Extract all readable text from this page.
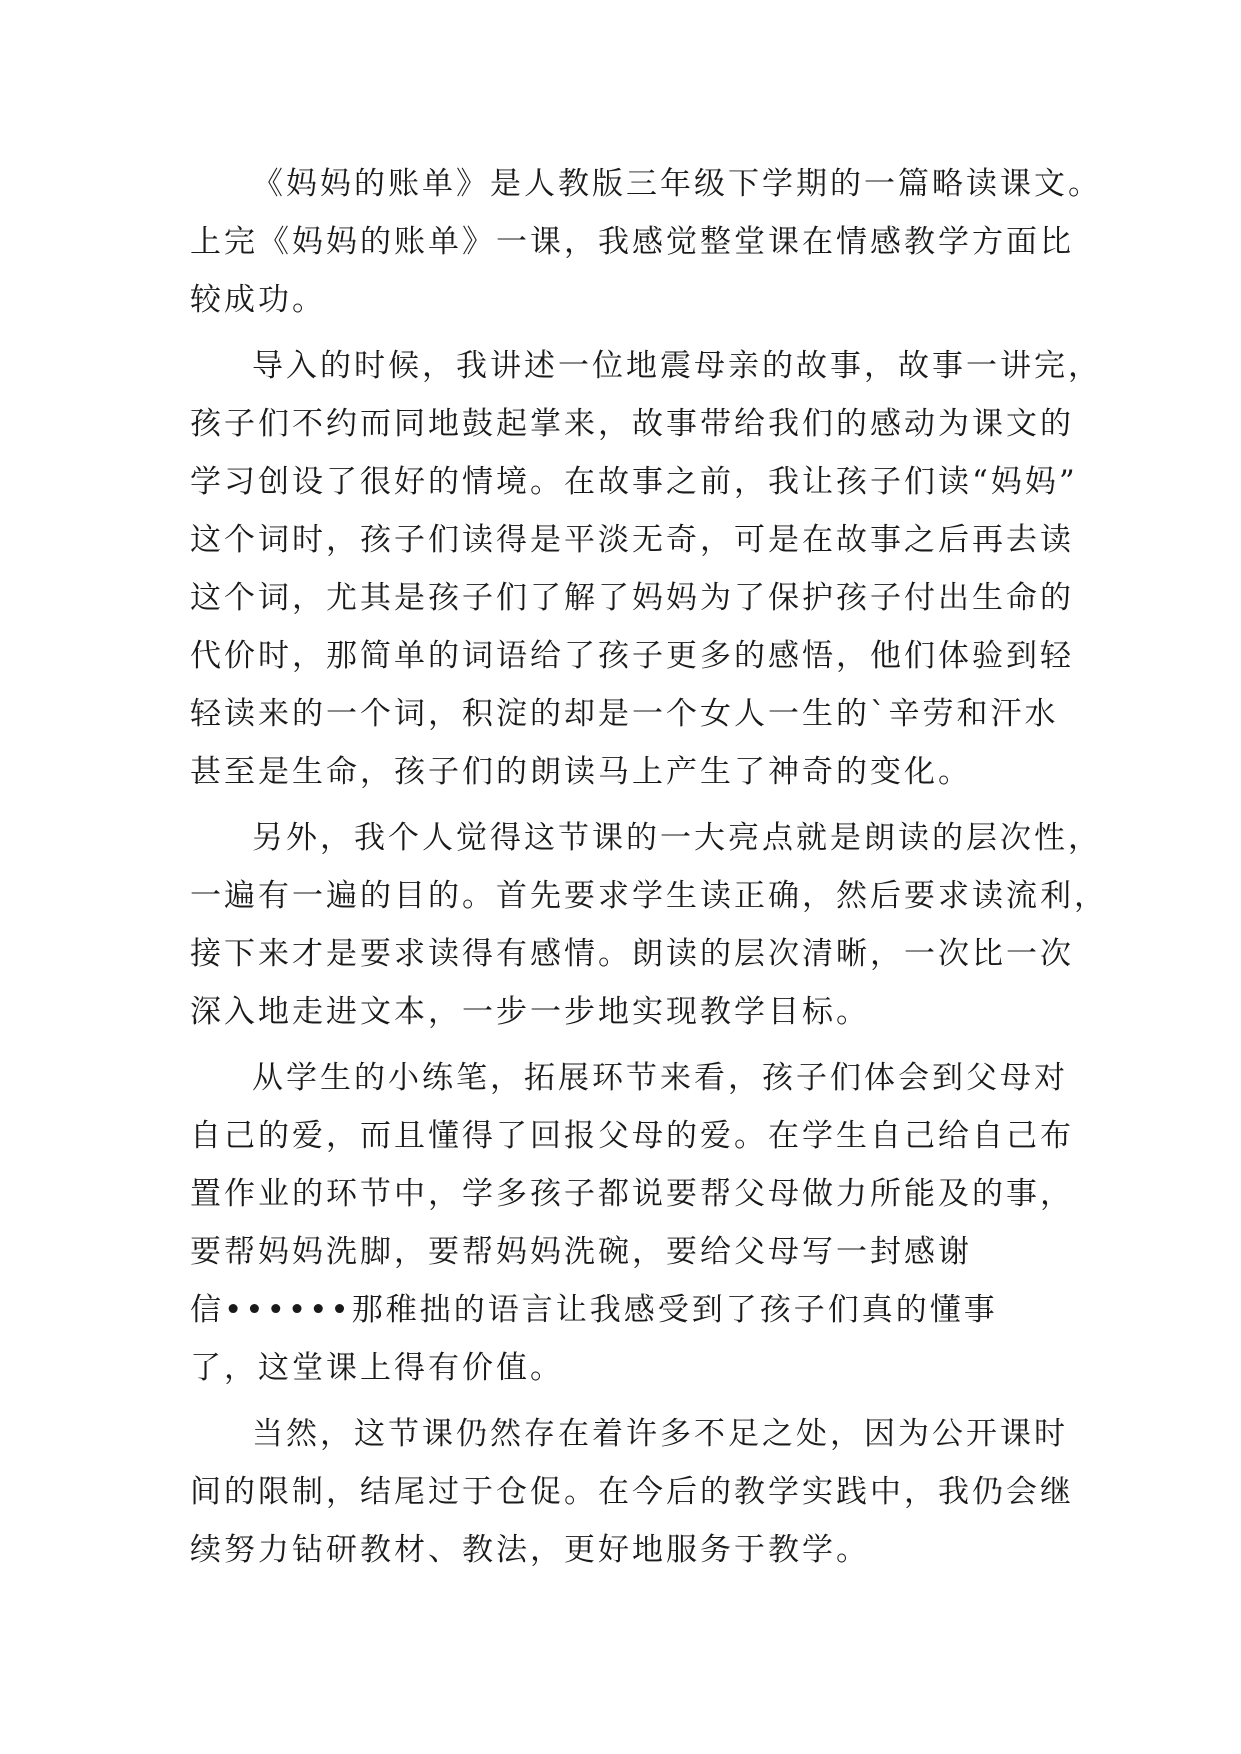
《妈妈的账单》是人教版三年级下学期的一篇略读课文。
上完《妈妈的账单》一课，我感觉整堂课在情感教学方面比
较成功。
导入的时候，我讲述一位地震母亲的故事，故事一讲完，
孩子们不约而同地鼓起掌来，故事带给我们的感动为课文的
学习创设了很好的情境。在故事之前，我让孩子们读“妈妈”
这个词时，孩子们读得是平淡无奇，可是在故事之后再去读
这个词，尤其是孩子们了解了妈妈为了保护孩子付出生命的
代价时，那简单的词语给了孩子更多的感悟，他们体验到轻
轻读来的一个词，积淀的却是一个女人一生的`辛劳和汗水
甚至是生命，孩子们的朗读马上产生了神奇的变化。
另外，我个人觉得这节课的一大亮点就是朗读的层次性，
一遍有一遍的目的。首先要求学生读正确，然后要求读流利，
接下来才是要求读得有感情。朗读的层次清晰，一次比一次
深入地走进文本，一步一步地实现教学目标。
从学生的小练笔，拓展环节来看，孩子们体会到父母对
自己的爱，而且懂得了回报父母的爱。在学生自己给自己布
置作业的环节中，学多孩子都说要帮父母做力所能及的事，
要帮妈妈洗脚，要帮妈妈洗碗，要给父母写一封感谢
信••••••那稚拙的语言让我感受到了孩子们真的懂事
了，这堂课上得有价值。
当然，这节课仍然存在着许多不足之处，因为公开课时
间的限制，结尾过于仓促。在今后的教学实践中，我仍会继
续努力钻研教材、教法，更好地服务于教学。
